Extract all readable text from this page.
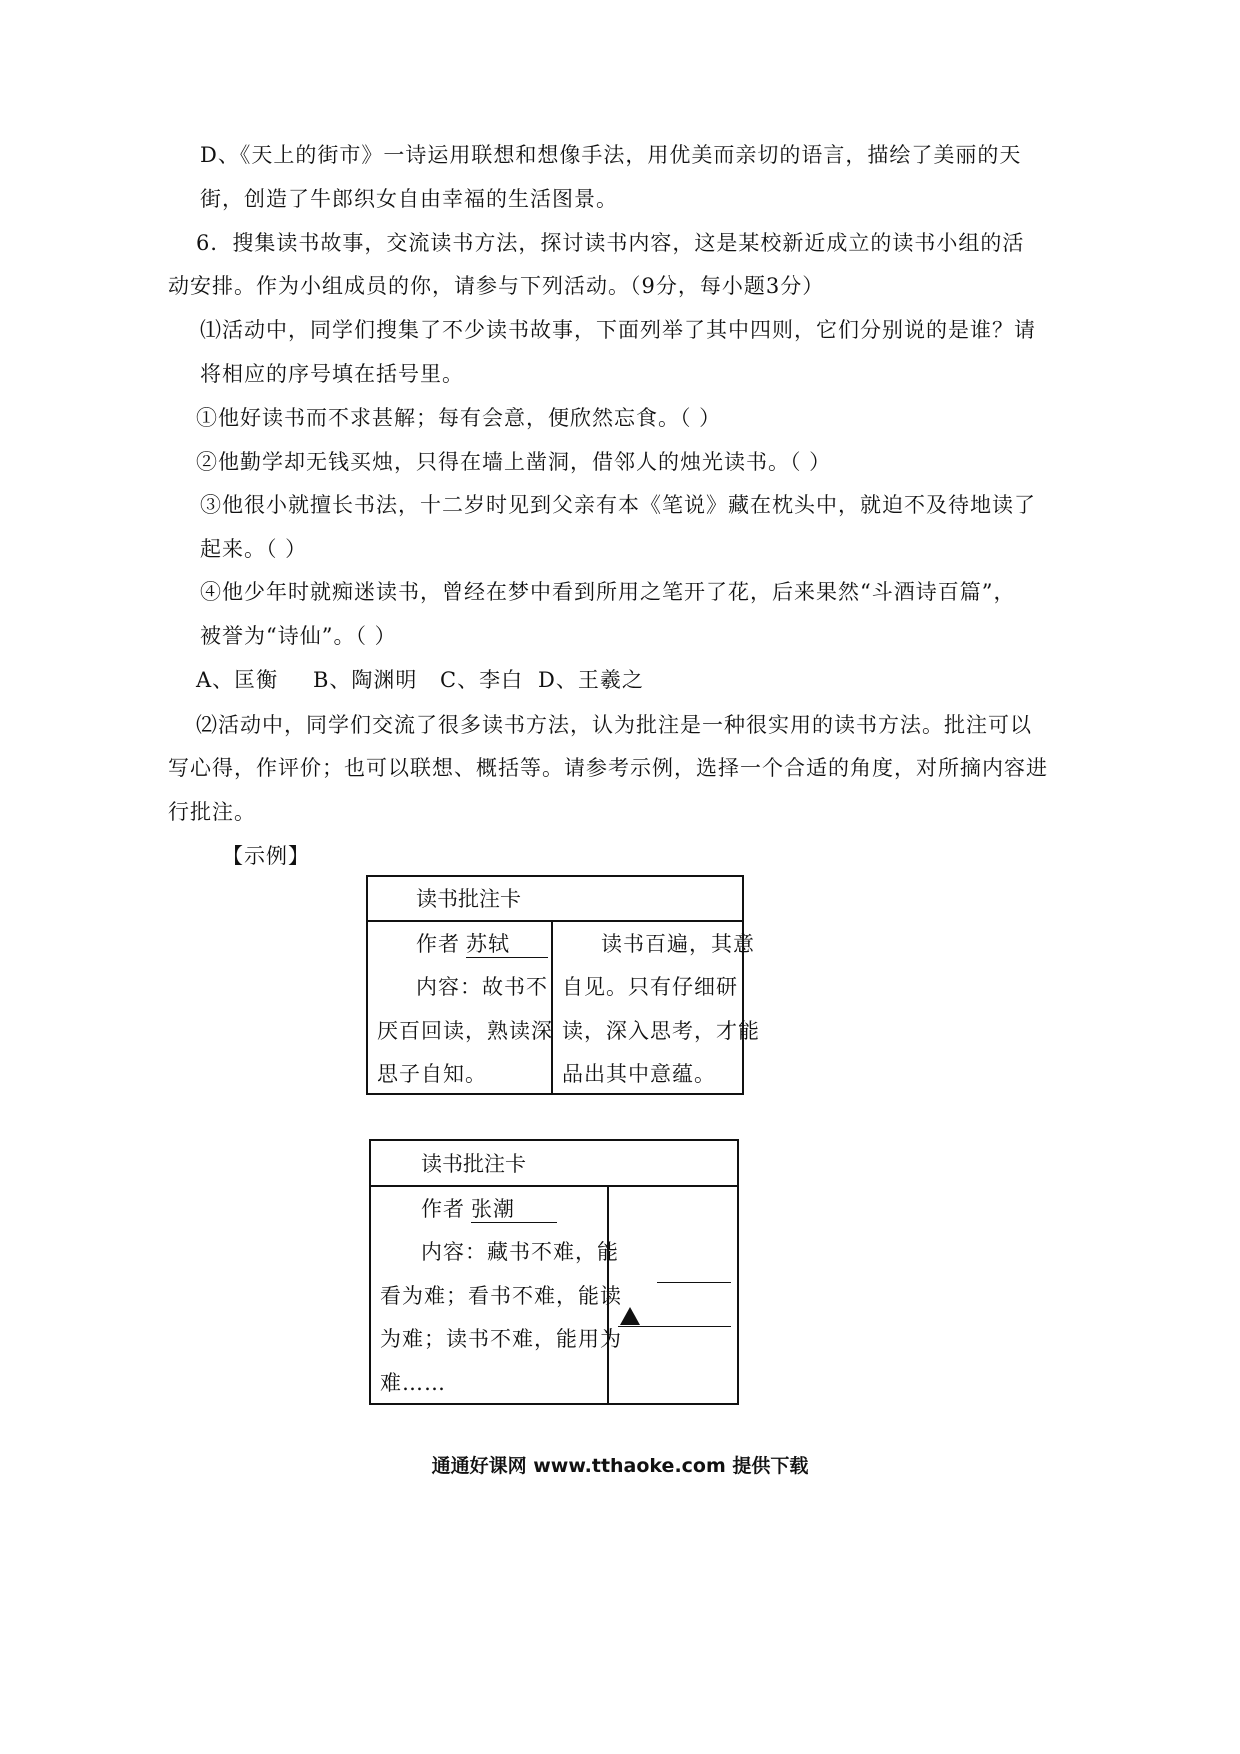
D、《天上的街市》一诗运用联想和想像手法，用优美而亲切的语言，描绘了美丽的天
街，创造了牛郎织女自由幸福的生活图景。
6．搜集读书故事，交流读书方法，探讨读书内容，这是某校新近成立的读书小组的活
动安排。作为小组成员的你，请参与下列活动。（9分，每小题3分）
⑴活动中，同学们搜集了不少读书故事，下面列举了其中四则，它们分别说的是谁？请
将相应的序号填在括号里。
①他好读书而不求甚解；每有会意，便欣然忘食。（ ）
②他勤学却无钱买烛，只得在墙上凿洞，借邻人的烛光读书。（ ）
③他很小就擅长书法，十二岁时见到父亲有本《笔说》藏在枕头中，就迫不及待地读了
起来。（ ）
④他少年时就痴迷读书，曾经在梦中看到所用之笔开了花，后来果然“斗酒诗百篇”，
被誉为“诗仙”。（ ）
A、匡衡 B、陶渊明 C、李白 D、王羲之
⑵活动中，同学们交流了很多读书方法，认为批注是一种很实用的读书方法。批注可以
写心得，作评价；也可以联想、概括等。请参考示例，选择一个合适的角度，对所摘内容进
行批注。
【示例】
读书批注卡
作者苏轼
内容：故书不
厌百回读，熟读深
思子自知。
读书百遍，其意
自见。只有仔细研
读，深入思考，才能
品出其中意蕴。
读书批注卡
作者张潮
内容：藏书不难，能
看为难；看书不难，能读
为难；读书不难，能用为
难……
通通好课网 www.tthaoke.com 提供下载
